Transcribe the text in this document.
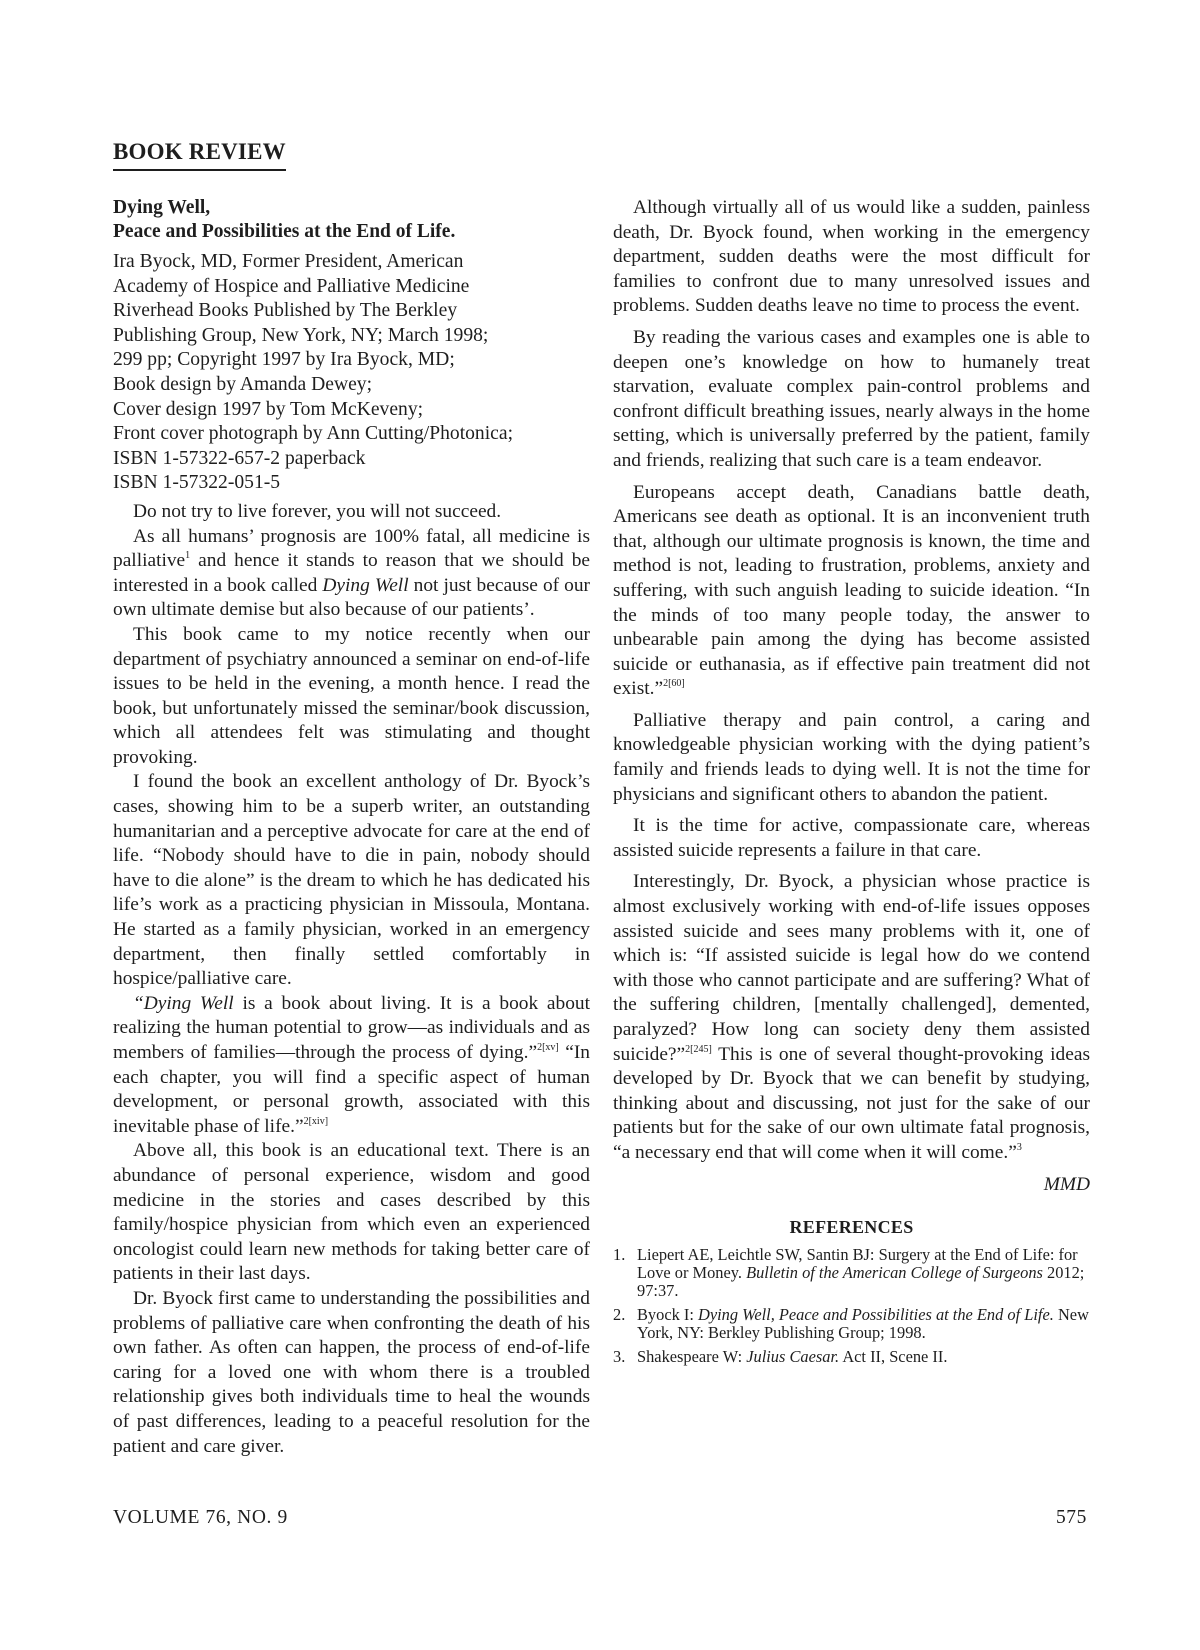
BOOK REVIEW

Dying Well,
Peace and Possibilities at the End of Life.

Ira Byock, MD, Former President, American
Academy of Hospice and Palliative Medicine
Riverhead Books Published by The Berkley
Publishing Group, New York, NY; March 1998;
299 pp; Copyright 1997 by Ira Byock, MD;
Book design by Amanda Dewey;
Cover design 1997 by Tom McKeveny;
Front cover photograph by Ann Cutting/Photonica;
ISBN 1-57322-657-2 paperback
ISBN 1-57322-051-5

Do not try to live forever, you will not succeed.

As all humans’ prognosis are 100% fatal, all medicine is palliative$^1$ and hence it stands to reason that we should be interested in a book called Dying Well not just because of our own ultimate demise but also because of our patients’.

This book came to my notice recently when our department of psychiatry announced a seminar on end-of-life issues to be held in the evening, a month hence. I read the book, but unfortunately missed the seminar/book discussion, which all attendees felt was stimulating and thought provoking.

I found the book an excellent anthology of Dr. Byock’s cases, showing him to be a superb writer, an outstanding humanitarian and a perceptive advocate for care at the end of life. “Nobody should have to die in pain, nobody should have to die alone” is the dream to which he has dedicated his life’s work as a practicing physician in Missoula, Montana. He started as a family physician, worked in an emergency department, then finally settled comfortably in hospice/palliative care.

“Dying Well is a book about living. It is a book about realizing the human potential to grow—as individuals and as members of families—through the process of dying.”$^{2[xv]}$ “In each chapter, you will find a specific aspect of human development, or personal growth, associated with this inevitable phase of life.”$^{2[xiv]}$

Above all, this book is an educational text. There is an abundance of personal experience, wisdom and good medicine in the stories and cases described by this family/hospice physician from which even an experienced oncologist could learn new methods for taking better care of patients in their last days.

Dr. Byock first came to understanding the possibilities and problems of palliative care when confronting the death of his own father. As often can happen, the process of end-of-life caring for a loved one with whom there is a troubled relationship gives both individuals time to heal the wounds of past differences, leading to a peaceful resolution for the patient and care giver.

Although virtually all of us would like a sudden, painless death, Dr. Byock found, when working in the emergency department, sudden deaths were the most difficult for families to confront due to many unresolved issues and problems. Sudden deaths leave no time to process the event.

By reading the various cases and examples one is able to deepen one’s knowledge on how to humanely treat starvation, evaluate complex pain-control problems and confront difficult breathing issues, nearly always in the home setting, which is universally preferred by the patient, family and friends, realizing that such care is a team endeavor.

Europeans accept death, Canadians battle death, Americans see death as optional. It is an inconvenient truth that, although our ultimate prognosis is known, the time and method is not, leading to frustration, problems, anxiety and suffering, with such anguish leading to suicide ideation. “In the minds of too many people today, the answer to unbearable pain among the dying has become assisted suicide or euthanasia, as if effective pain treatment did not exist.”$^{2[60]}$

Palliative therapy and pain control, a caring and knowledgeable physician working with the dying patient’s family and friends leads to dying well. It is not the time for physicians and significant others to abandon the patient.

It is the time for active, compassionate care, whereas assisted suicide represents a failure in that care.

Interestingly, Dr. Byock, a physician whose practice is almost exclusively working with end-of-life issues opposes assisted suicide and sees many problems with it, one of which is: “If assisted suicide is legal how do we contend with those who cannot participate and are suffering? What of the suffering children, [mentally challenged], demented, paralyzed? How long can society deny them assisted suicide?”$^{2[245]}$ This is one of several thought-provoking ideas developed by Dr. Byock that we can benefit by studying, thinking about and discussing, not just for the sake of our patients but for the sake of our own ultimate fatal prognosis, “a necessary end that will come when it will come.”$^3$

MMD

REFERENCES
1. Liepert AE, Leichtle SW, Santin BJ: Surgery at the End of Life: for Love or Money. Bulletin of the American College of Surgeons 2012; 97:37.
2. Byock I: Dying Well, Peace and Possibilities at the End of Life. New York, NY: Berkley Publishing Group; 1998.
3. Shakespeare W: Julius Caesar. Act II, Scene II.
VOLUME 76, NO. 9	575
